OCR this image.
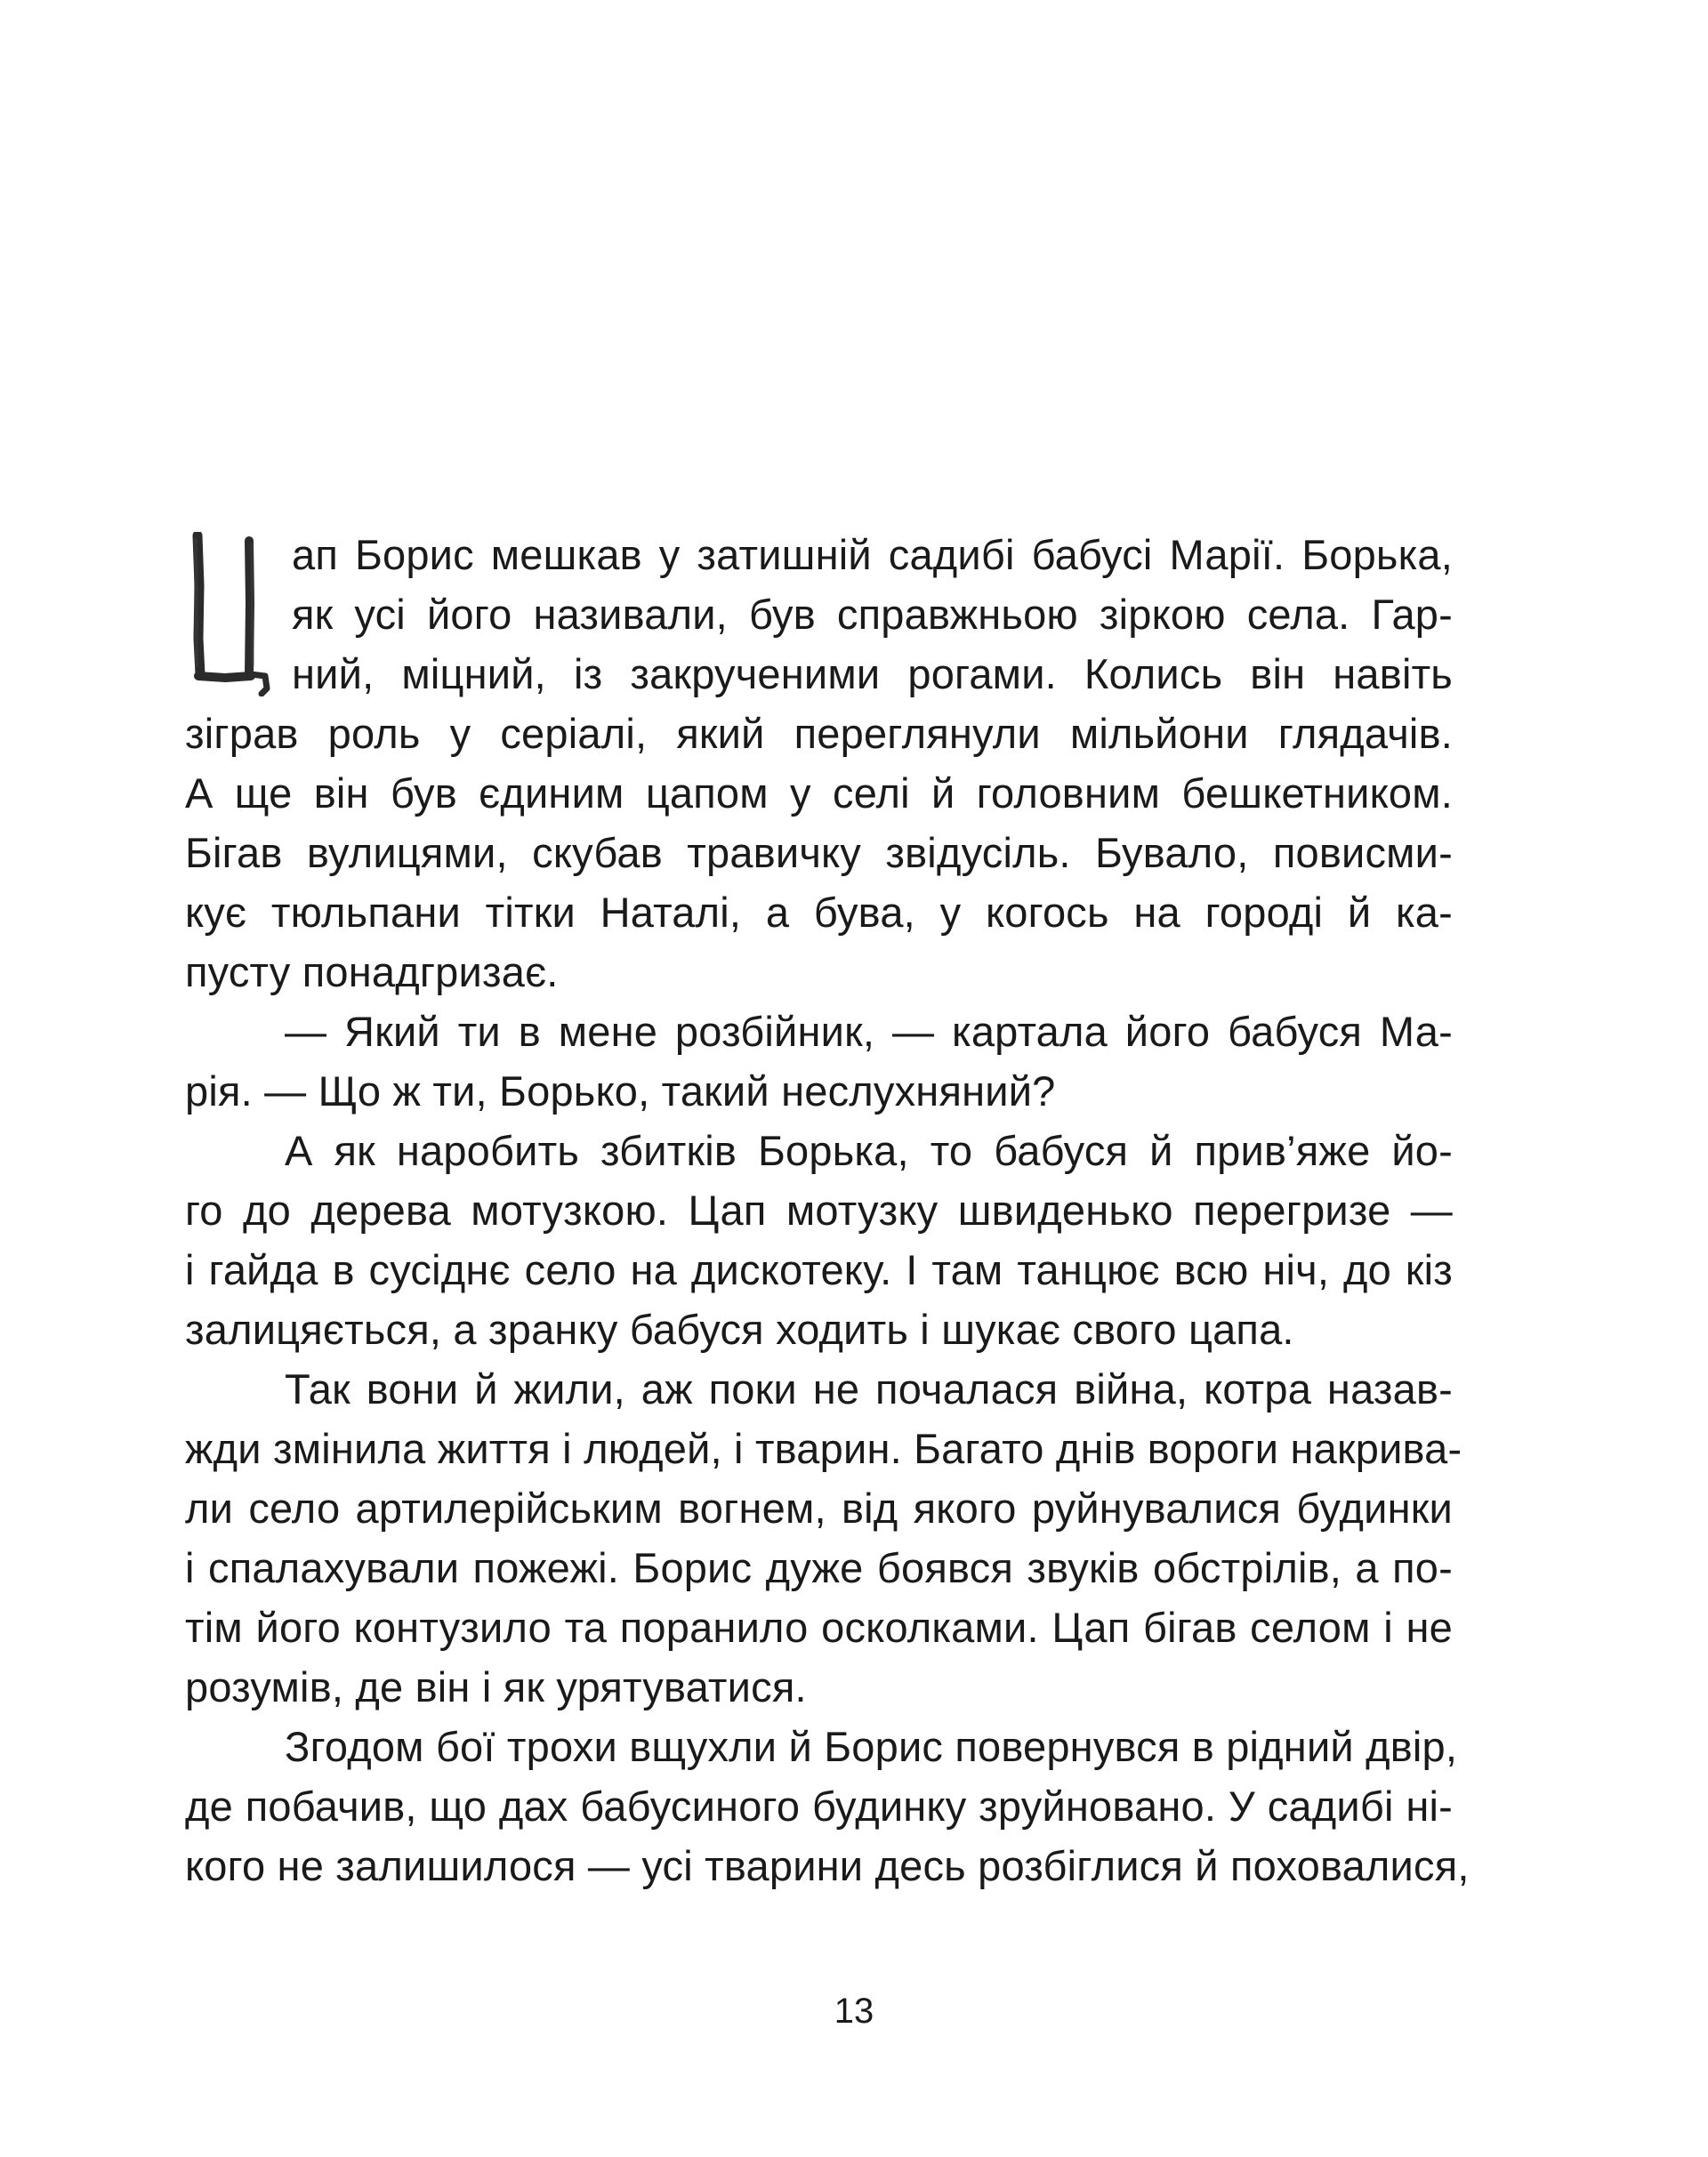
ап Борис мешкав у затишній садибі бабусі Марії. Борька,
як усі його називали, був справжньою зіркою села. Гар-
ний, міцний, із закрученими рогами. Колись він навіть
зіграв роль у серіалі, який переглянули мільйони глядачів.
А ще він був єдиним цапом у селі й головним бешкетником.
Бігав вулицями, скубав травичку звідусіль. Бувало, повисми-
кує тюльпани тітки Наталі, а бува, у когось на городі й ка-
пусту понадгризає.
— Який ти в мене розбійник, — картала його бабуся Ма-
рія. — Що ж ти, Борько, такий неслухняний?
А як наробить збитків Борька, то бабуся й прив’яже йо-
го до дерева мотузкою. Цап мотузку швиденько перегризе —
і гайда в сусіднє село на дискотеку. І там танцює всю ніч, до кіз
залицяється, а зранку бабуся ходить і шукає свого цапа.
Так вони й жили, аж поки не почалася війна, котра назав-
жди змінила життя і людей, і тварин. Багато днів вороги накрива-
ли село артилерійським вогнем, від якого руйнувалися будинки
і спалахували пожежі. Борис дуже боявся звуків обстрілів, а по-
тім його контузило та поранило осколками. Цап бігав селом і не
розумів, де він і як урятуватися.
Згодом бої трохи вщухли й Борис повернувся в рідний двір,
де побачив, що дах бабусиного будинку зруйновано. У садибі ні-
кого не залишилося — усі тварини десь розбіглися й поховалися,
13
